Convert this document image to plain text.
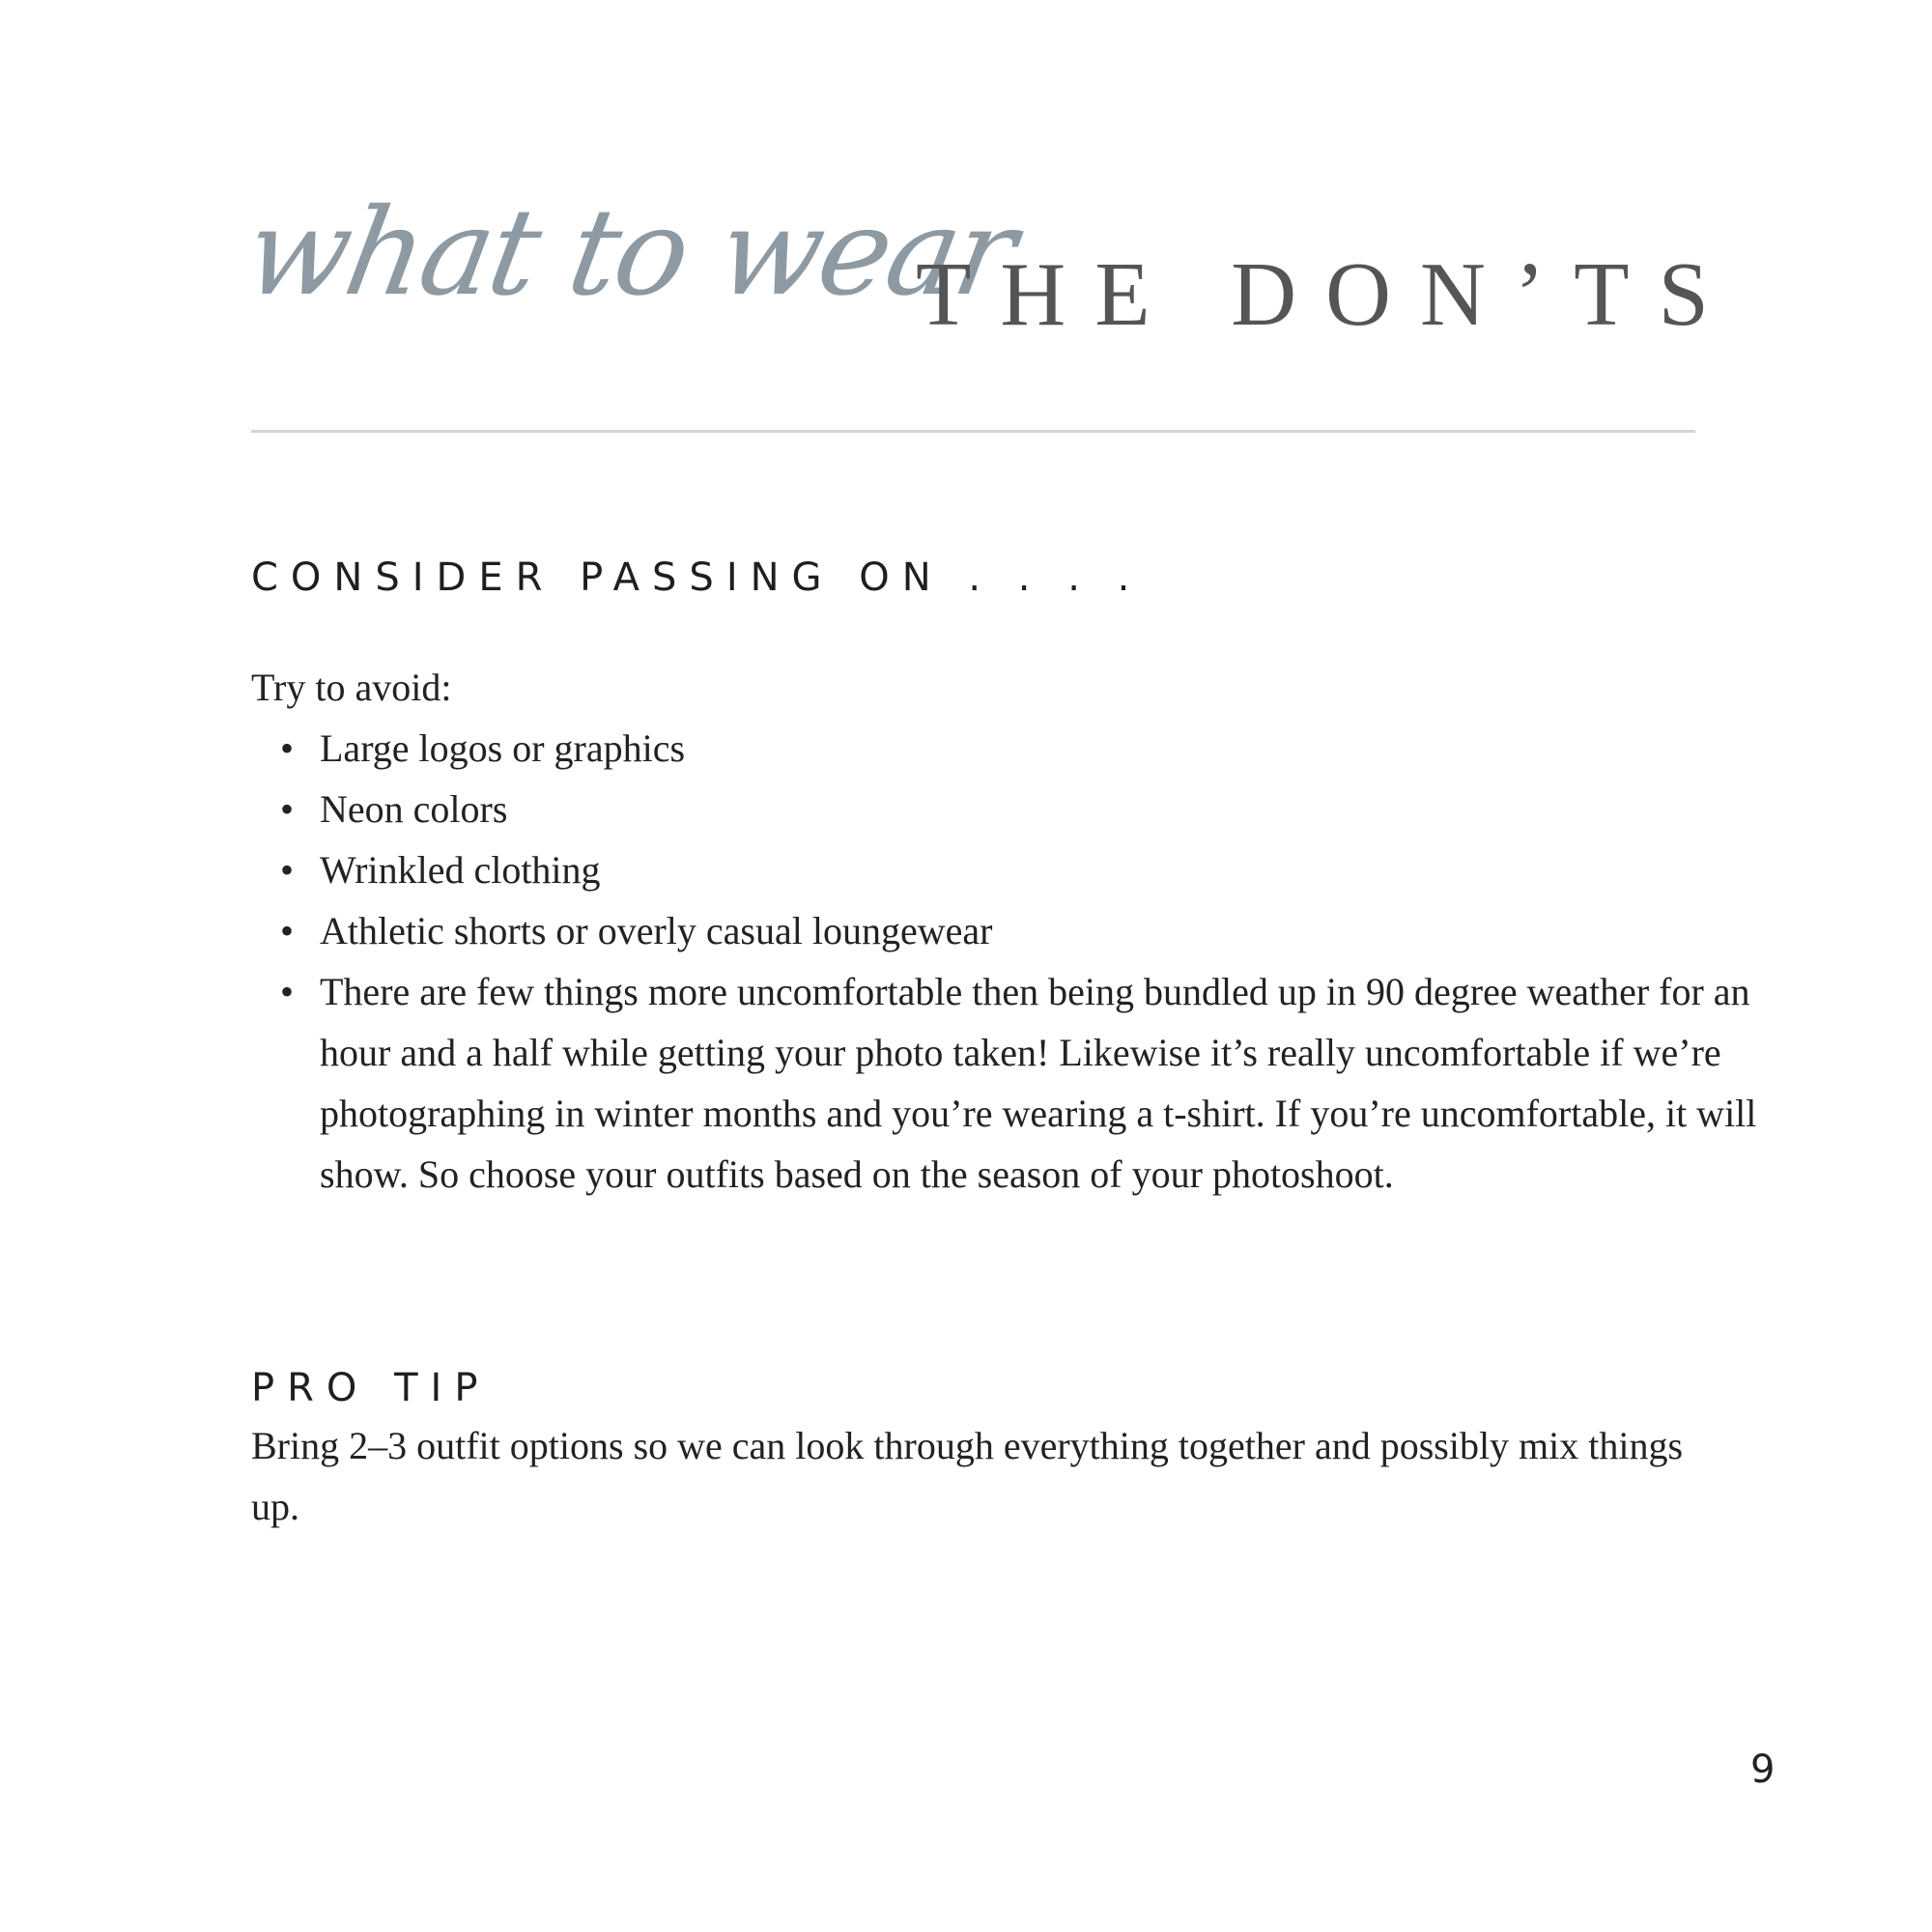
what to wear
THE DON’TS
CONSIDER PASSING ON . . . .
Try to avoid:
• Large logos or graphics
• Neon colors
• Wrinkled clothing
• Athletic shorts or overly casual loungewear
• There are few things more uncomfortable then being bundled up in 90 degree weather for an hour and a half while getting your photo taken! Likewise it’s really uncomfortable if we’re photographing in winter months and you’re wearing a t-shirt. If you’re uncomfortable, it will show. So choose your outfits based on the season of your photoshoot.
PRO TIP
Bring 2–3 outfit options so we can look through everything together and possibly mix things up.
9
